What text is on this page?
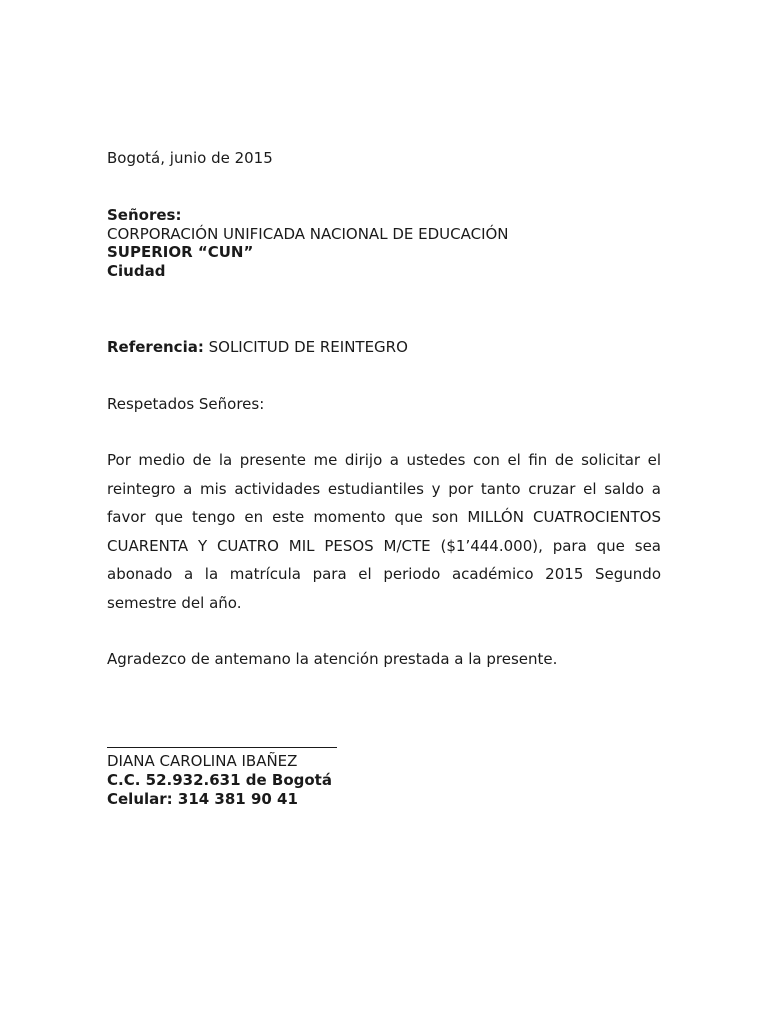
Bogotá, junio de 2015
Señores:
CORPORACIÓN UNIFICADA NACIONAL DE EDUCACIÓN
SUPERIOR “CUN”
Ciudad
Referencia: SOLICITUD DE REINTEGRO
Respetados Señores:
Por medio de la presente me dirijo a ustedes con el fin de solicitar el reintegro a mis actividades estudiantiles y por tanto cruzar el saldo a favor que tengo en este momento que son MILLÓN CUATROCIENTOS CUARENTA Y CUATRO MIL PESOS M/CTE ($1’444.000), para que sea abonado a la matrícula para el periodo académico 2015 Segundo semestre del año.
Agradezco de antemano la atención prestada a la presente.
DIANA CAROLINA IBAÑEZ
C.C. 52.932.631 de Bogotá
Celular: 314 381 90 41
